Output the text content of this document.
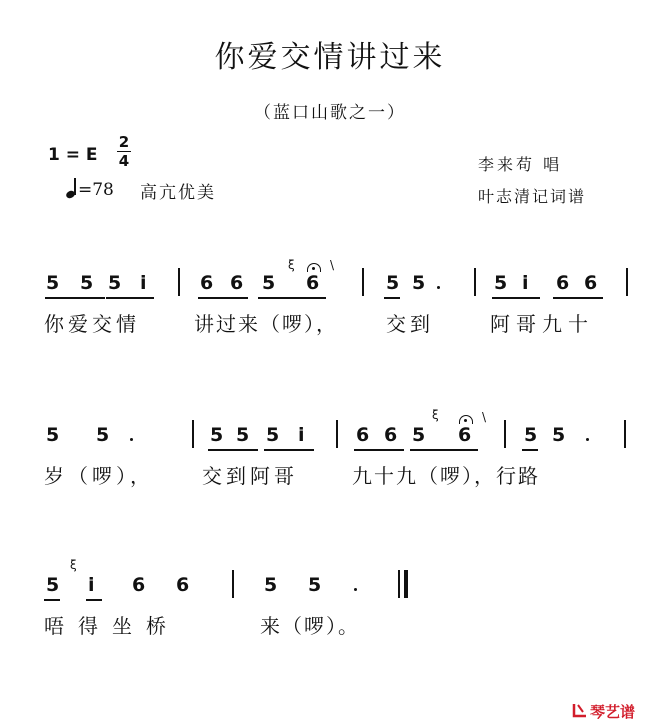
你爱交情讲过来
（蓝口山歌之一）
1 = E
2
4
=78 高亢优美
李来苟 唱
叶志清记词谱
5 5 5 i	6 6 5 6
ξ	\
5 5	5 i 6 6
你爱交情	讲过来（啰）， 交到	阿哥九十
5 5	5 5 5 i	6 6 5 6
ξ	\
5 5
岁（啰）， 交到阿哥	九十九（啰），行路
5 i
ξ
6 6	5 5
唔得坐桥	来（啰）。
琴艺谱
